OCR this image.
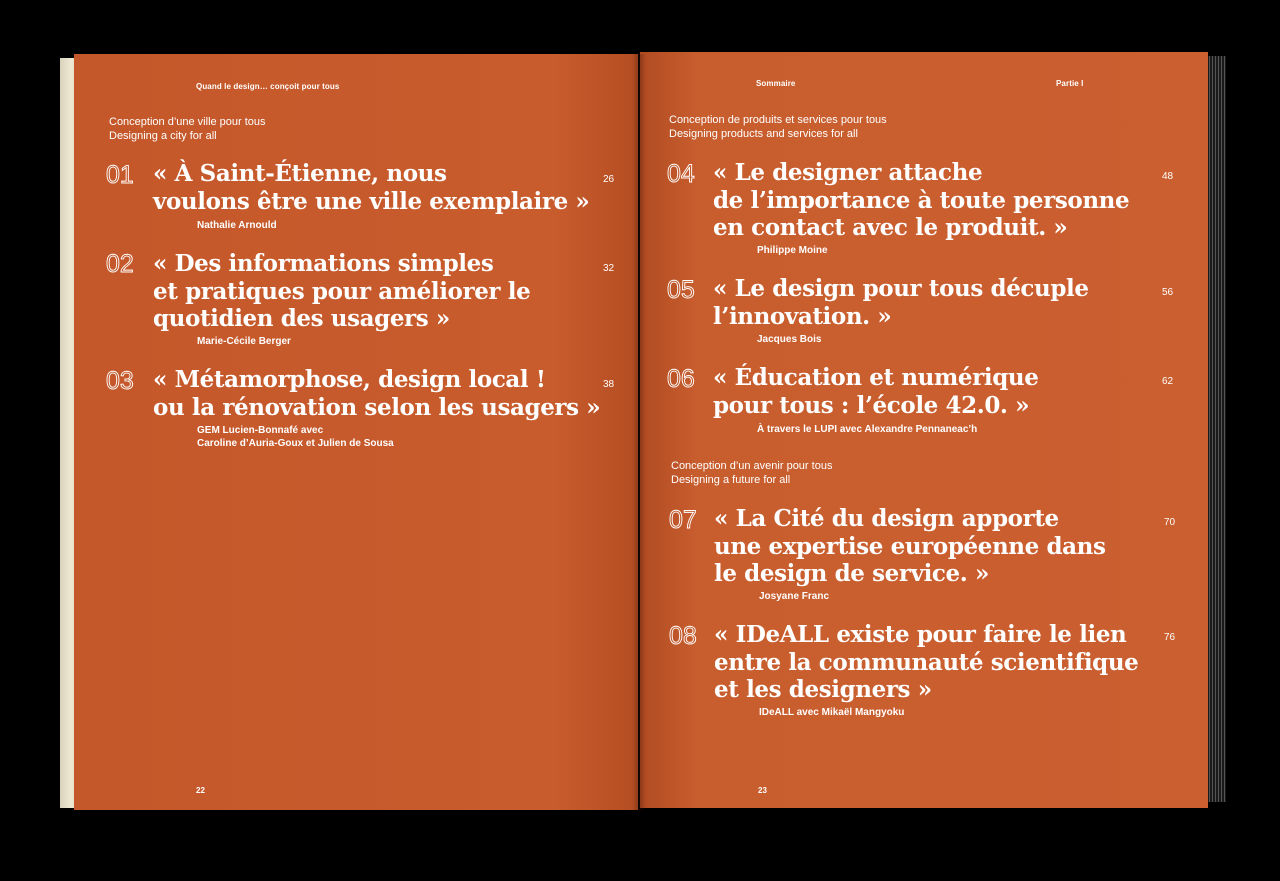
Quand le design… conçoit pour tous
Conception d’une ville pour tous
Designing a city for all
01 « À Saint-Étienne, nous
voulons être une ville exemplaire »
Nathalie Arnould
26
02 « Des informations simples
et pratiques pour améliorer le
quotidien des usagers »
Marie-Cécile Berger
32
03 « Métamorphose, design local !
ou la rénovation selon les usagers »
GEM Lucien-Bonnafé avec
Caroline d’Auria-Goux et Julien de Sousa
38
22
Sommaire	Partie I
Conception de produits et services pour tous
Designing products and services for all
04 « Le designer attache
de l’importance à toute personne
en contact avec le produit. »
Philippe Moine
48
05 « Le design pour tous décuple
l’innovation. »
Jacques Bois
56
06 « Éducation et numérique
pour tous : l’école 42.0. »
À travers le LUPI avec Alexandre Pennaneac’h
62
Conception d’un avenir pour tous
Designing a future for all
07 « La Cité du design apporte
une expertise européenne dans
le design de service. »
Josyane Franc
70
08 « IDeALL existe pour faire le lien
entre la communauté scientifique
et les designers »
IDeALL avec Mikaël Mangyoku
76
23
